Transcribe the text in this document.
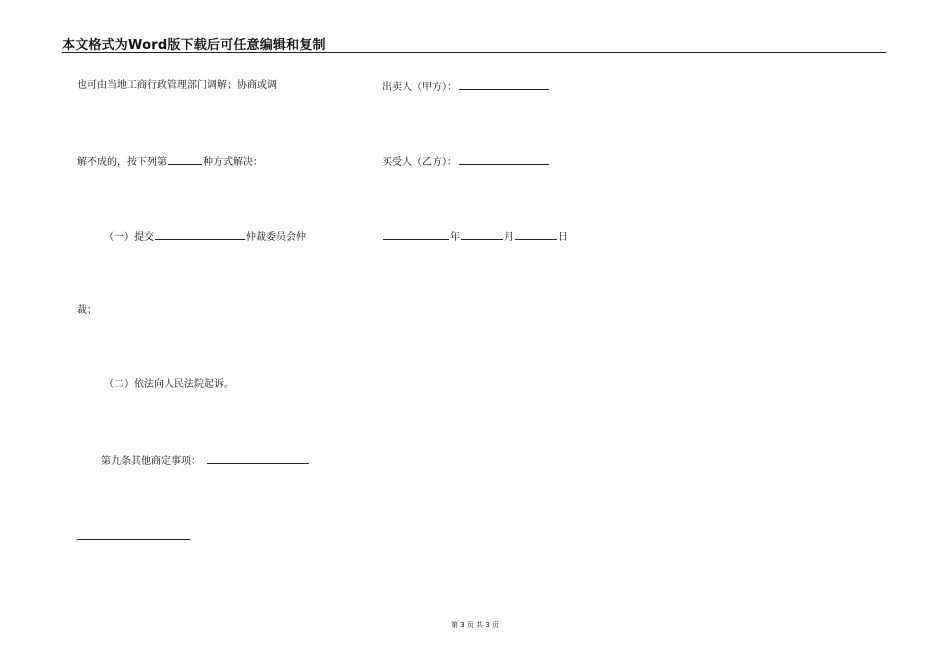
本文格式为Word版下载后可任意编辑和复制
也可由当地工商行政管理部门调解；协商或调
解不成的，按下列第	种方式解决：
（一）提交	仲裁委员会仲
裁；
（二）依法向人民法院起诉。
第九条其他商定事项：
出卖人（甲方）：
买受人（乙方）：
年	月	日
第 3 页 共 3 页
